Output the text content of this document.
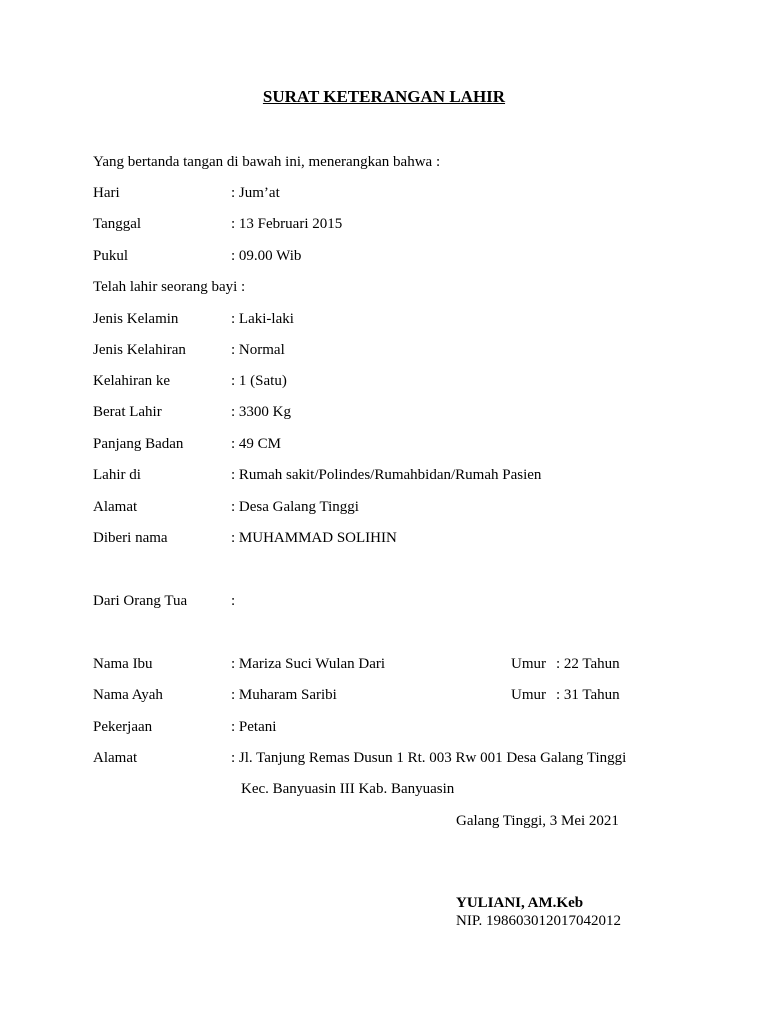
SURAT KETERANGAN LAHIR
Yang bertanda tangan di bawah ini, menerangkan bahwa :
Hari	: Jum’at
Tanggal	: 13 Februari 2015
Pukul	: 09.00 Wib
Telah lahir seorang bayi :
Jenis Kelamin	: Laki-laki
Jenis Kelahiran	: Normal
Kelahiran ke	: 1 (Satu)
Berat Lahir	: 3300 Kg
Panjang Badan	: 49 CM
Lahir di	: Rumah sakit/Polindes/Rumahbidan/Rumah Pasien
Alamat	: Desa Galang Tinggi
Diberi nama	: MUHAMMAD SOLIHIN
Dari Orang Tua	:
Nama Ibu	: Mariza Suci Wulan Dari	Umur : 22 Tahun
Nama Ayah	: Muharam Saribi	Umur : 31 Tahun
Pekerjaan	: Petani
Alamat	: Jl. Tanjung Remas Dusun 1 Rt. 003 Rw 001 Desa Galang Tinggi
Kec. Banyuasin III Kab. Banyuasin
Galang Tinggi, 3 Mei 2021
YULIANI, AM.Keb
NIP. 198603012017042012
